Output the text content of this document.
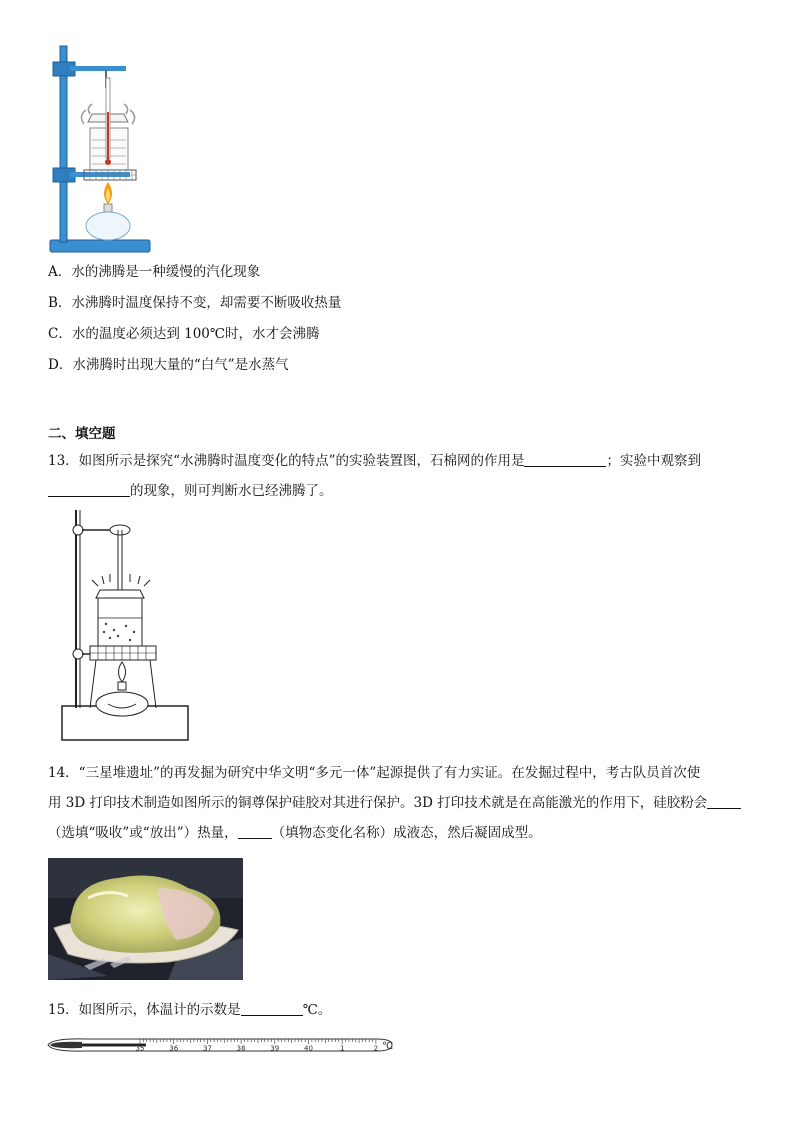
A．水的沸腾是一种缓慢的汽化现象
B．水沸腾时温度保持不变，却需要不断吸收热量
C．水的温度必须达到 100℃时，水才会沸腾
D．水沸腾时出现大量的“白气”是水蒸气
二、填空题
13．如图所示是探究“水沸腾时温度变化的特点”的实验装置图，石棉网的作用是	；实验中观察到
的现象，则可判断水已经沸腾了。
14．“三星堆遗址”的再发掘为研究中华文明“多元一体”起源提供了有力实证。在发掘过程中，考古队员首次使
用 3D 打印技术制造如图所示的铜尊保护硅胶对其进行保护。3D 打印技术就是在高能激光的作用下，硅胶粉会
（选填“吸收”或“放出”）热量，	（填物态变化名称）成液态，然后凝固成型。
15．如图所示，体温计的示数是	℃。
35	36	37	38	39	40	1	2 ℃
